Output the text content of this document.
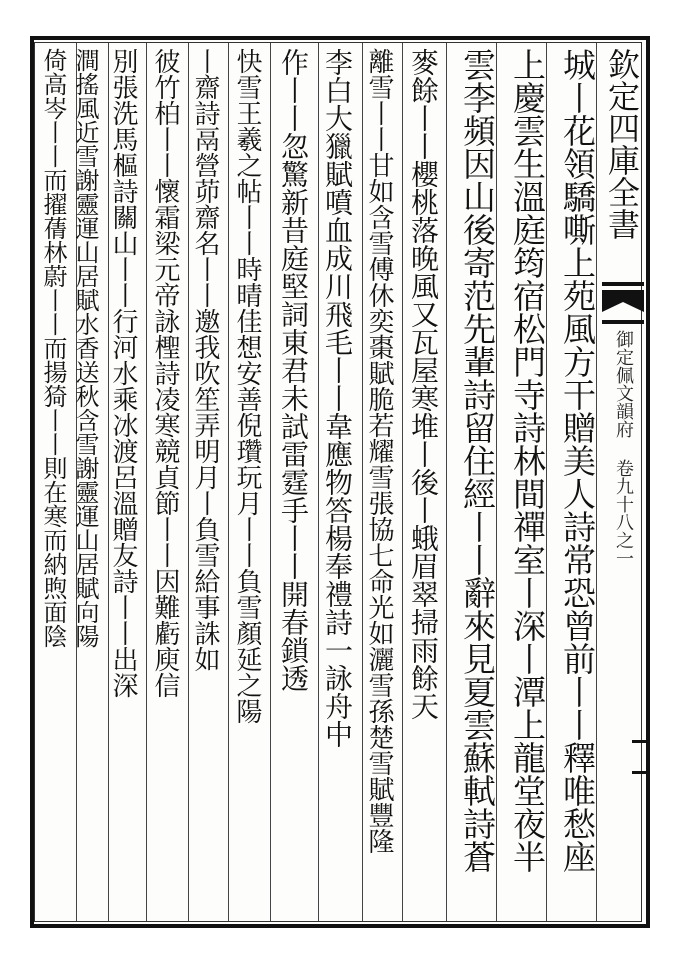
欽定四庫全書
御定佩文韻府 卷九十八之一
城丨花領驕嘶上苑風方干贈美人詩常恐曾前丨丨釋唯愁座
上慶雲生溫庭筠宿松門寺詩林間禪室丨深丨潭上龍堂夜半
雲李頻因山後寄范先輩詩留住經丨丨辭來見夏雲蘇軾詩蒼
麥餘丨丨櫻桃落晚風又瓦屋寒堆丨後丨蛾眉翠掃雨餘天
離雪丨丨甘如含雪傅休奕棗賦脆若耀雪張協七命光如灑雪孫楚雪賦豐隆
李白大獵賦噴血成川飛毛丨丨韋應物答楊奉禮詩一詠舟中
作丨丨忽驚新昔庭堅詞東君未試雷霆手丨丨開春鎖透
快雪王羲之帖丨丨時晴佳想安善倪瓚玩月丨丨負雪顏延之陽
丨齋詩鬲營茆齋名丨丨邀我吹笙弄明月丨負雪給事誅如
彼竹柏丨丨懷霜梁元帝詠檉詩凌寒競貞節丨丨因難虧庾信
別張洗馬樞詩關山丨丨行河水乘冰渡呂溫贈友詩丨丨出深
澗搖風近雪謝靈運山居賦水香送秋含雪謝靈運山居賦向陽
倚高岑丨丨而擢蒨林蔚丨丨而揚猗丨丨則在寒而納煦面陰
